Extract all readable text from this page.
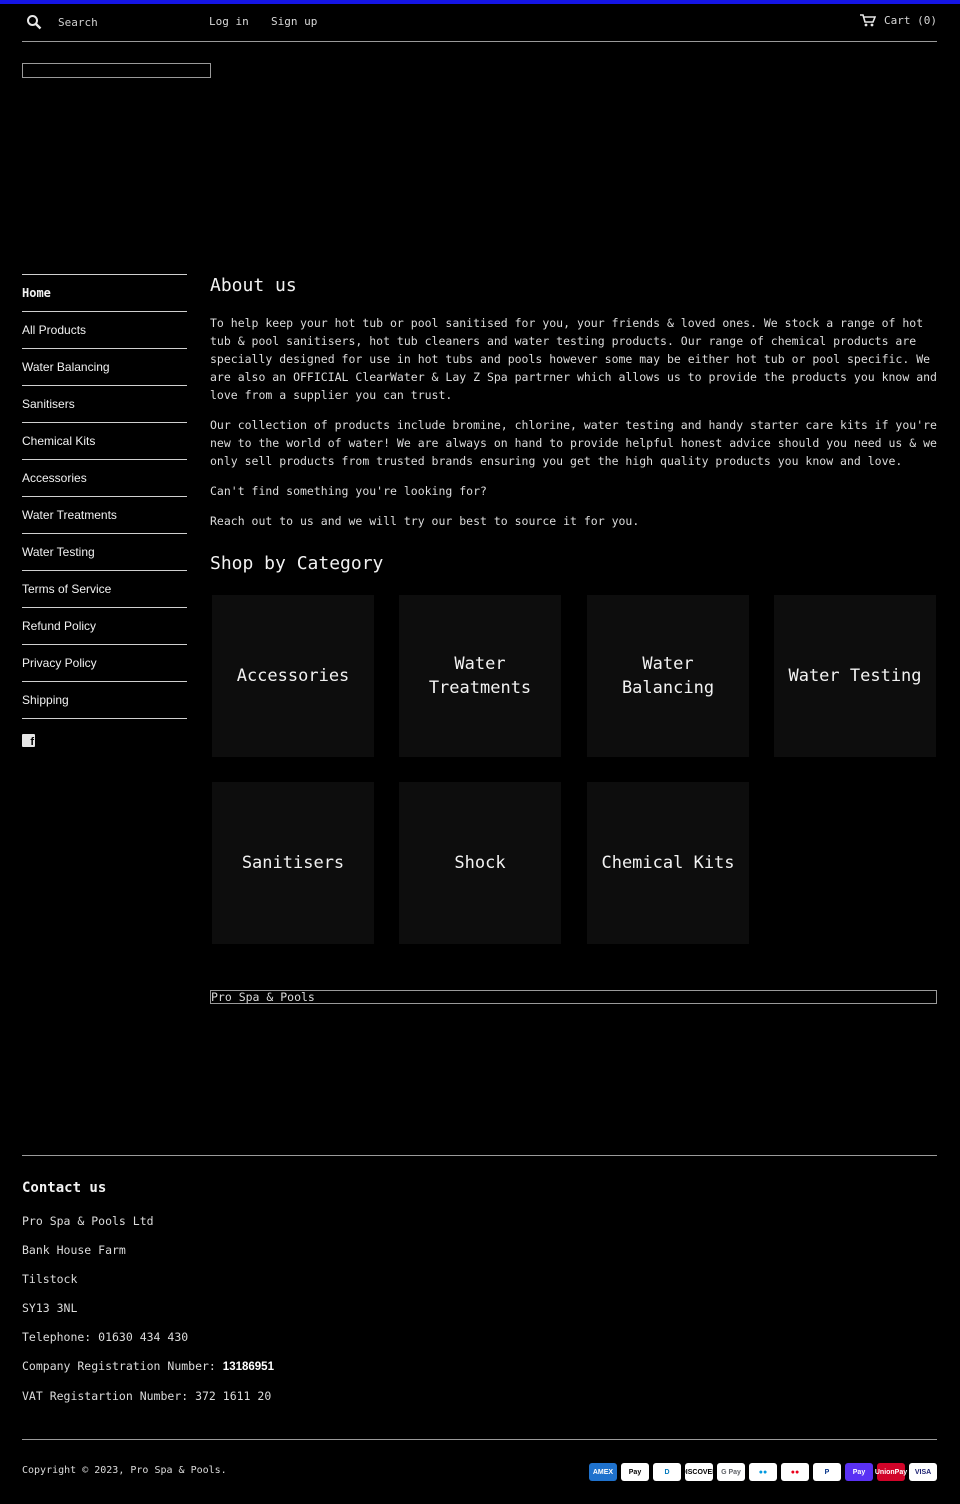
Search
Log in Sign up	Cart (0)
Home
All Products
Water Balancing
Sanitisers
Chemical Kits
Accessories
Water Treatments
Water Testing
Terms of Service
Refund Policy
Privacy Policy
Shipping
f
About us

To help keep your hot tub or pool sanitised for you, your friends & loved ones. We stock a range of hot tub & pool sanitisers, hot tub cleaners and water testing products. Our range of chemical products are specially designed for use in hot tubs and pools however some may be either hot tub or pool specific. We are also an OFFICIAL ClearWater & Lay Z Spa partrner which allows us to provide the products you know and love from a supplier you can trust.

Our collection of products include bromine, chlorine, water testing and handy starter care kits if you're new to the world of water! We are always on hand to provide helpful honest advice should you need us & we only sell products from trusted brands ensuring you get the high quality products you know and love.

Can't find something you're looking for?

Reach out to us and we will try our best to source it for you.

Shop by Category
Accessories
Water Treatments
Water Balancing
Water Testing
Sanitisers	Shock	Chemical Kits
Pro Spa & Pools
Contact us

Pro Spa & Pools Ltd

Bank House Farm

Tilstock

SY13 3NL

Telephone: 01630 434 430

Company Registration Number: 13186951

VAT Registartion Number: 372 1611 20

Copyright © 2023, Pro Spa & Pools.	AMEX	Pay	D	DISCOVER G Pay	●●	●●	P	Pay	UnionPay	VISA
